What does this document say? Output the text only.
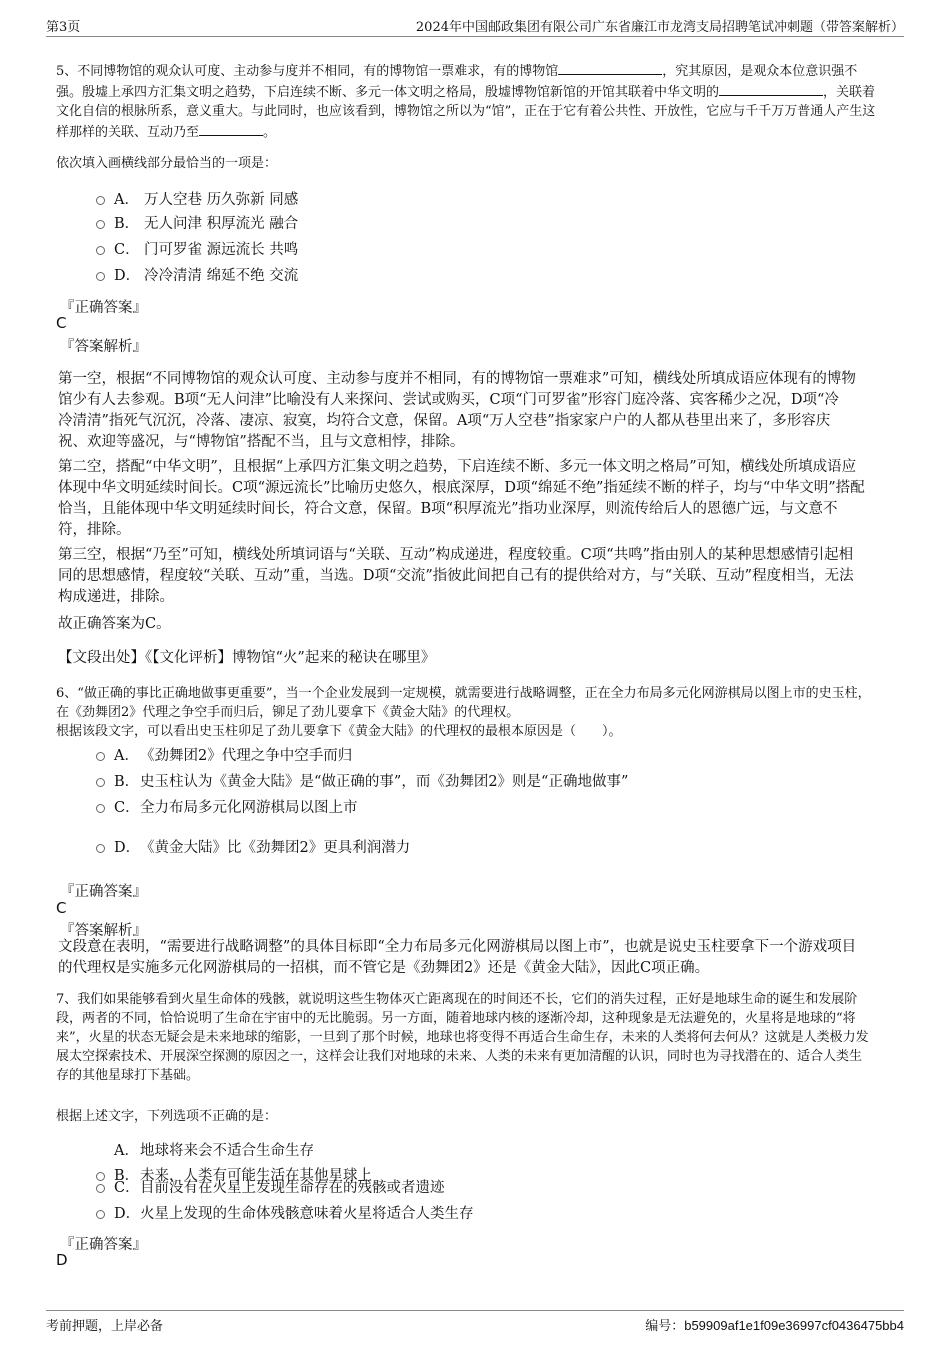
第3页	2024年中国邮政集团有限公司广东省廉江市龙湾支局招聘笔试冲刺题（带答案解析）
5、不同博物馆的观众认可度、主动参与度并不相同，有的博物馆一票难求，有的博物馆	，究其原因，是观众本位意识强不
强。殷墟上承四方汇集文明之趋势，下启连续不断、多元一体文明之格局，殷墟博物馆新馆的开馆其联着中华文明的	，关联着
文化自信的根脉所系，意义重大。与此同时，也应该看到，博物馆之所以为“馆”，正在于它有着公共性、开放性，它应与千千万万普通人产生这
样那样的关联、互动乃至	。
依次填入画横线部分最恰当的一项是：
A． 万人空巷 历久弥新 同感
B． 无人问津 积厚流光 融合
C． 门可罗雀 源远流长 共鸣
D． 冷冷清清 绵延不绝 交流
『正确答案』
C
『答案解析』
第一空，根据“不同博物馆的观众认可度、主动参与度并不相同，有的博物馆一票难求”可知，横线处所填成语应体现有的博物
馆少有人去参观。B项“无人问津”比喻没有人来探问、尝试或购买，C项“门可罗雀”形容门庭冷落、宾客稀少之况，D项“冷
冷清清”指死气沉沉，冷落、凄凉、寂寞，均符合文意，保留。A项“万人空巷”指家家户户的人都从巷里出来了，多形容庆
祝、欢迎等盛况，与“博物馆”搭配不当，且与文意相悖，排除。
第二空，搭配“中华文明”，且根据“上承四方汇集文明之趋势，下启连续不断、多元一体文明之格局”可知，横线处所填成语应
体现中华文明延续时间长。C项“源远流长”比喻历史悠久，根底深厚，D项“绵延不绝”指延续不断的样子，均与“中华文明”搭配
恰当，且能体现中华文明延续时间长，符合文意，保留。B项“积厚流光”指功业深厚，则流传给后人的恩德广远，与文意不
符，排除。
第三空，根据“乃至”可知，横线处所填词语与“关联、互动”构成递进，程度较重。C项“共鸣”指由别人的某种思想感情引起相
同的思想感情，程度较“关联、互动”重，当选。D项“交流”指彼此间把自己有的提供给对方，与“关联、互动”程度相当，无法
构成递进，排除。
故正确答案为C。
【文段出处】《【文化评析】博物馆“火”起来的秘诀在哪里》
6、“做正确的事比正确地做事更重要”，当一个企业发展到一定规模，就需要进行战略调整，正在全力布局多元化网游棋局以图上市的史玉柱，
在《劲舞团2》代理之争空手而归后，铆足了劲儿要拿下《黄金大陆》的代理权。
根据该段文字，可以看出史玉柱卯足了劲儿要拿下《黄金大陆》的代理权的最根本原因是（　　）。
A． 《劲舞团2》代理之争中空手而归
B． 史玉柱认为《黄金大陆》是“做正确的事”，而《劲舞团2》则是“正确地做事”
C． 全力布局多元化网游棋局以图上市
D． 《黄金大陆》比《劲舞团2》更具利润潜力
『正确答案』
C
『答案解析』
文段意在表明，“需要进行战略调整”的具体目标即“全力布局多元化网游棋局以图上市”，也就是说史玉柱要拿下一个游戏项目
的代理权是实施多元化网游棋局的一招棋，而不管它是《劲舞团2》还是《黄金大陆》，因此C项正确。
7、我们如果能够看到火星生命体的残骸，就说明这些生物体灭亡距离现在的时间还不长，它们的消失过程，正好是地球生命的诞生和发展阶
段，两者的不同，恰恰说明了生命在宇宙中的无比脆弱。另一方面，随着地球内核的逐渐冷却，这种现象是无法避免的，火星将是地球的“将
来”，火星的状态无疑会是未来地球的缩影，一旦到了那个时候，地球也将变得不再适合生命生存，未来的人类将何去何从？这就是人类极力发
展太空探索技术、开展深空探测的原因之一，这样会让我们对地球的未来、人类的未来有更加清醒的认识，同时也为寻找潜在的、适合人类生
存的其他星球打下基础。
根据上述文字，下列选项不正确的是：
A． 地球将来会不适合生命生存
B． 未来，人类有可能生活在其他星球上
C． 目前没有在火星上发现生命存在的残骸或者遗迹
D． 火星上发现的生命体残骸意味着火星将适合人类生存
『正确答案』
D
考前押题，上岸必备	编号：b59909af1e1f09e36997cf0436475bb4
